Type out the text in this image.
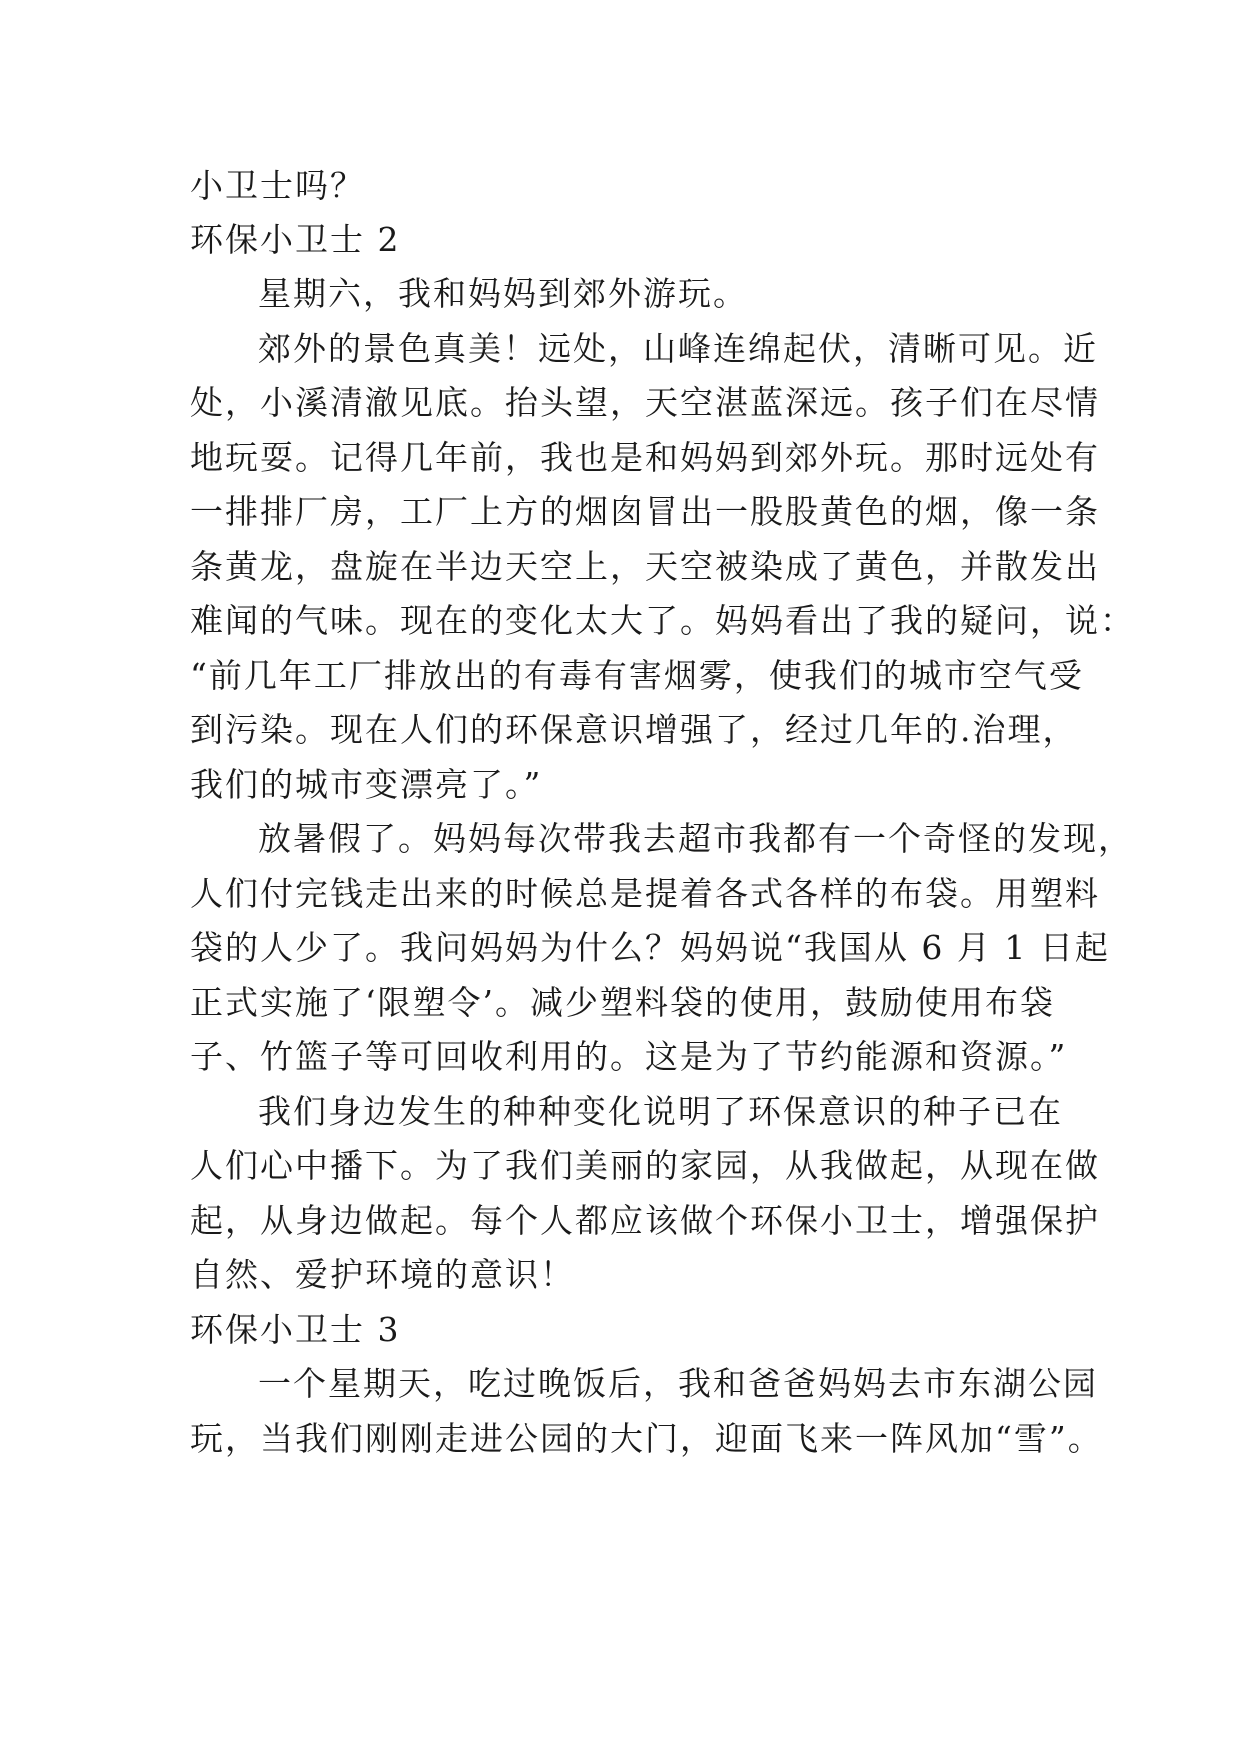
小卫士吗？
环保小卫士 2
星期六，我和妈妈到郊外游玩。
郊外的景色真美！远处，山峰连绵起伏，清晰可见。近
处，小溪清澈见底。抬头望，天空湛蓝深远。孩子们在尽情
地玩耍。记得几年前，我也是和妈妈到郊外玩。那时远处有
一排排厂房，工厂上方的烟囱冒出一股股黄色的烟，像一条
条黄龙，盘旋在半边天空上，天空被染成了黄色，并散发出
难闻的气味。现在的变化太大了。妈妈看出了我的疑问，说：
“前几年工厂排放出的有毒有害烟雾，使我们的城市空气受
到污染。现在人们的环保意识增强了，经过几年的.治理，
我们的城市变漂亮了。”
放暑假了。妈妈每次带我去超市我都有一个奇怪的发现，
人们付完钱走出来的时候总是提着各式各样的布袋。用塑料
袋的人少了。我问妈妈为什么？妈妈说“我国从 6 月 1 日起
正式实施了‘限塑令’。减少塑料袋的使用，鼓励使用布袋
子、竹篮子等可回收利用的。这是为了节约能源和资源。”
我们身边发生的种种变化说明了环保意识的种子已在
人们心中播下。为了我们美丽的家园，从我做起，从现在做
起，从身边做起。每个人都应该做个环保小卫士，增强保护
自然、爱护环境的意识！
环保小卫士 3
一个星期天，吃过晚饭后，我和爸爸妈妈去市东湖公园
玩，当我们刚刚走进公园的大门，迎面飞来一阵风加“雪”。
